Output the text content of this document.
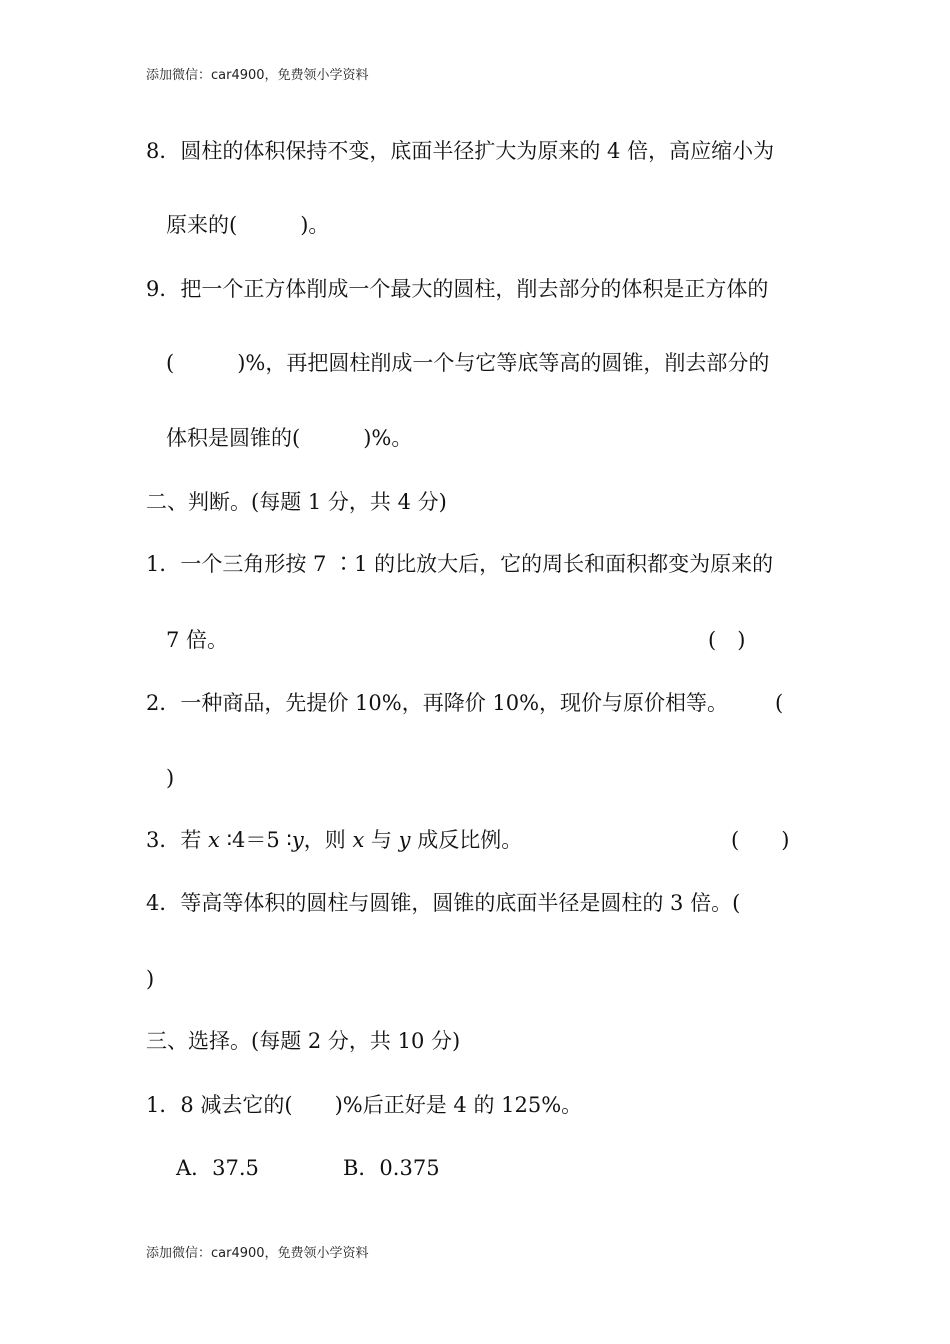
添加微信：car4900，免费领小学资料
8．圆柱的体积保持不变，底面半径扩大为原来的 4 倍，高应缩小为
原来的(　　　)。
9．把一个正方体削成一个最大的圆柱，削去部分的体积是正方体的
(　　　)%，再把圆柱削成一个与它等底等高的圆锥，削去部分的
体积是圆锥的(　　　)%。
二、判断。(每题 1 分，共 4 分)
1．一个三角形按 7 ∶1 的比放大后，它的周长和面积都变为原来的
7 倍。	(　)
2．一种商品，先提价 10%，再降价 10%，现价与原价相等。 (
)
3．若 x ∶4＝5 ∶y，则 x 与 y 成反比例。	(　　)
4．等高等体积的圆柱与圆锥，圆锥的底面半径是圆柱的 3 倍。(
)
三、选择。(每题 2 分，共 10 分)
1．8 减去它的(　　)%后正好是 4 的 125%。
A．37.5	B．0.375
添加微信：car4900，免费领小学资料
